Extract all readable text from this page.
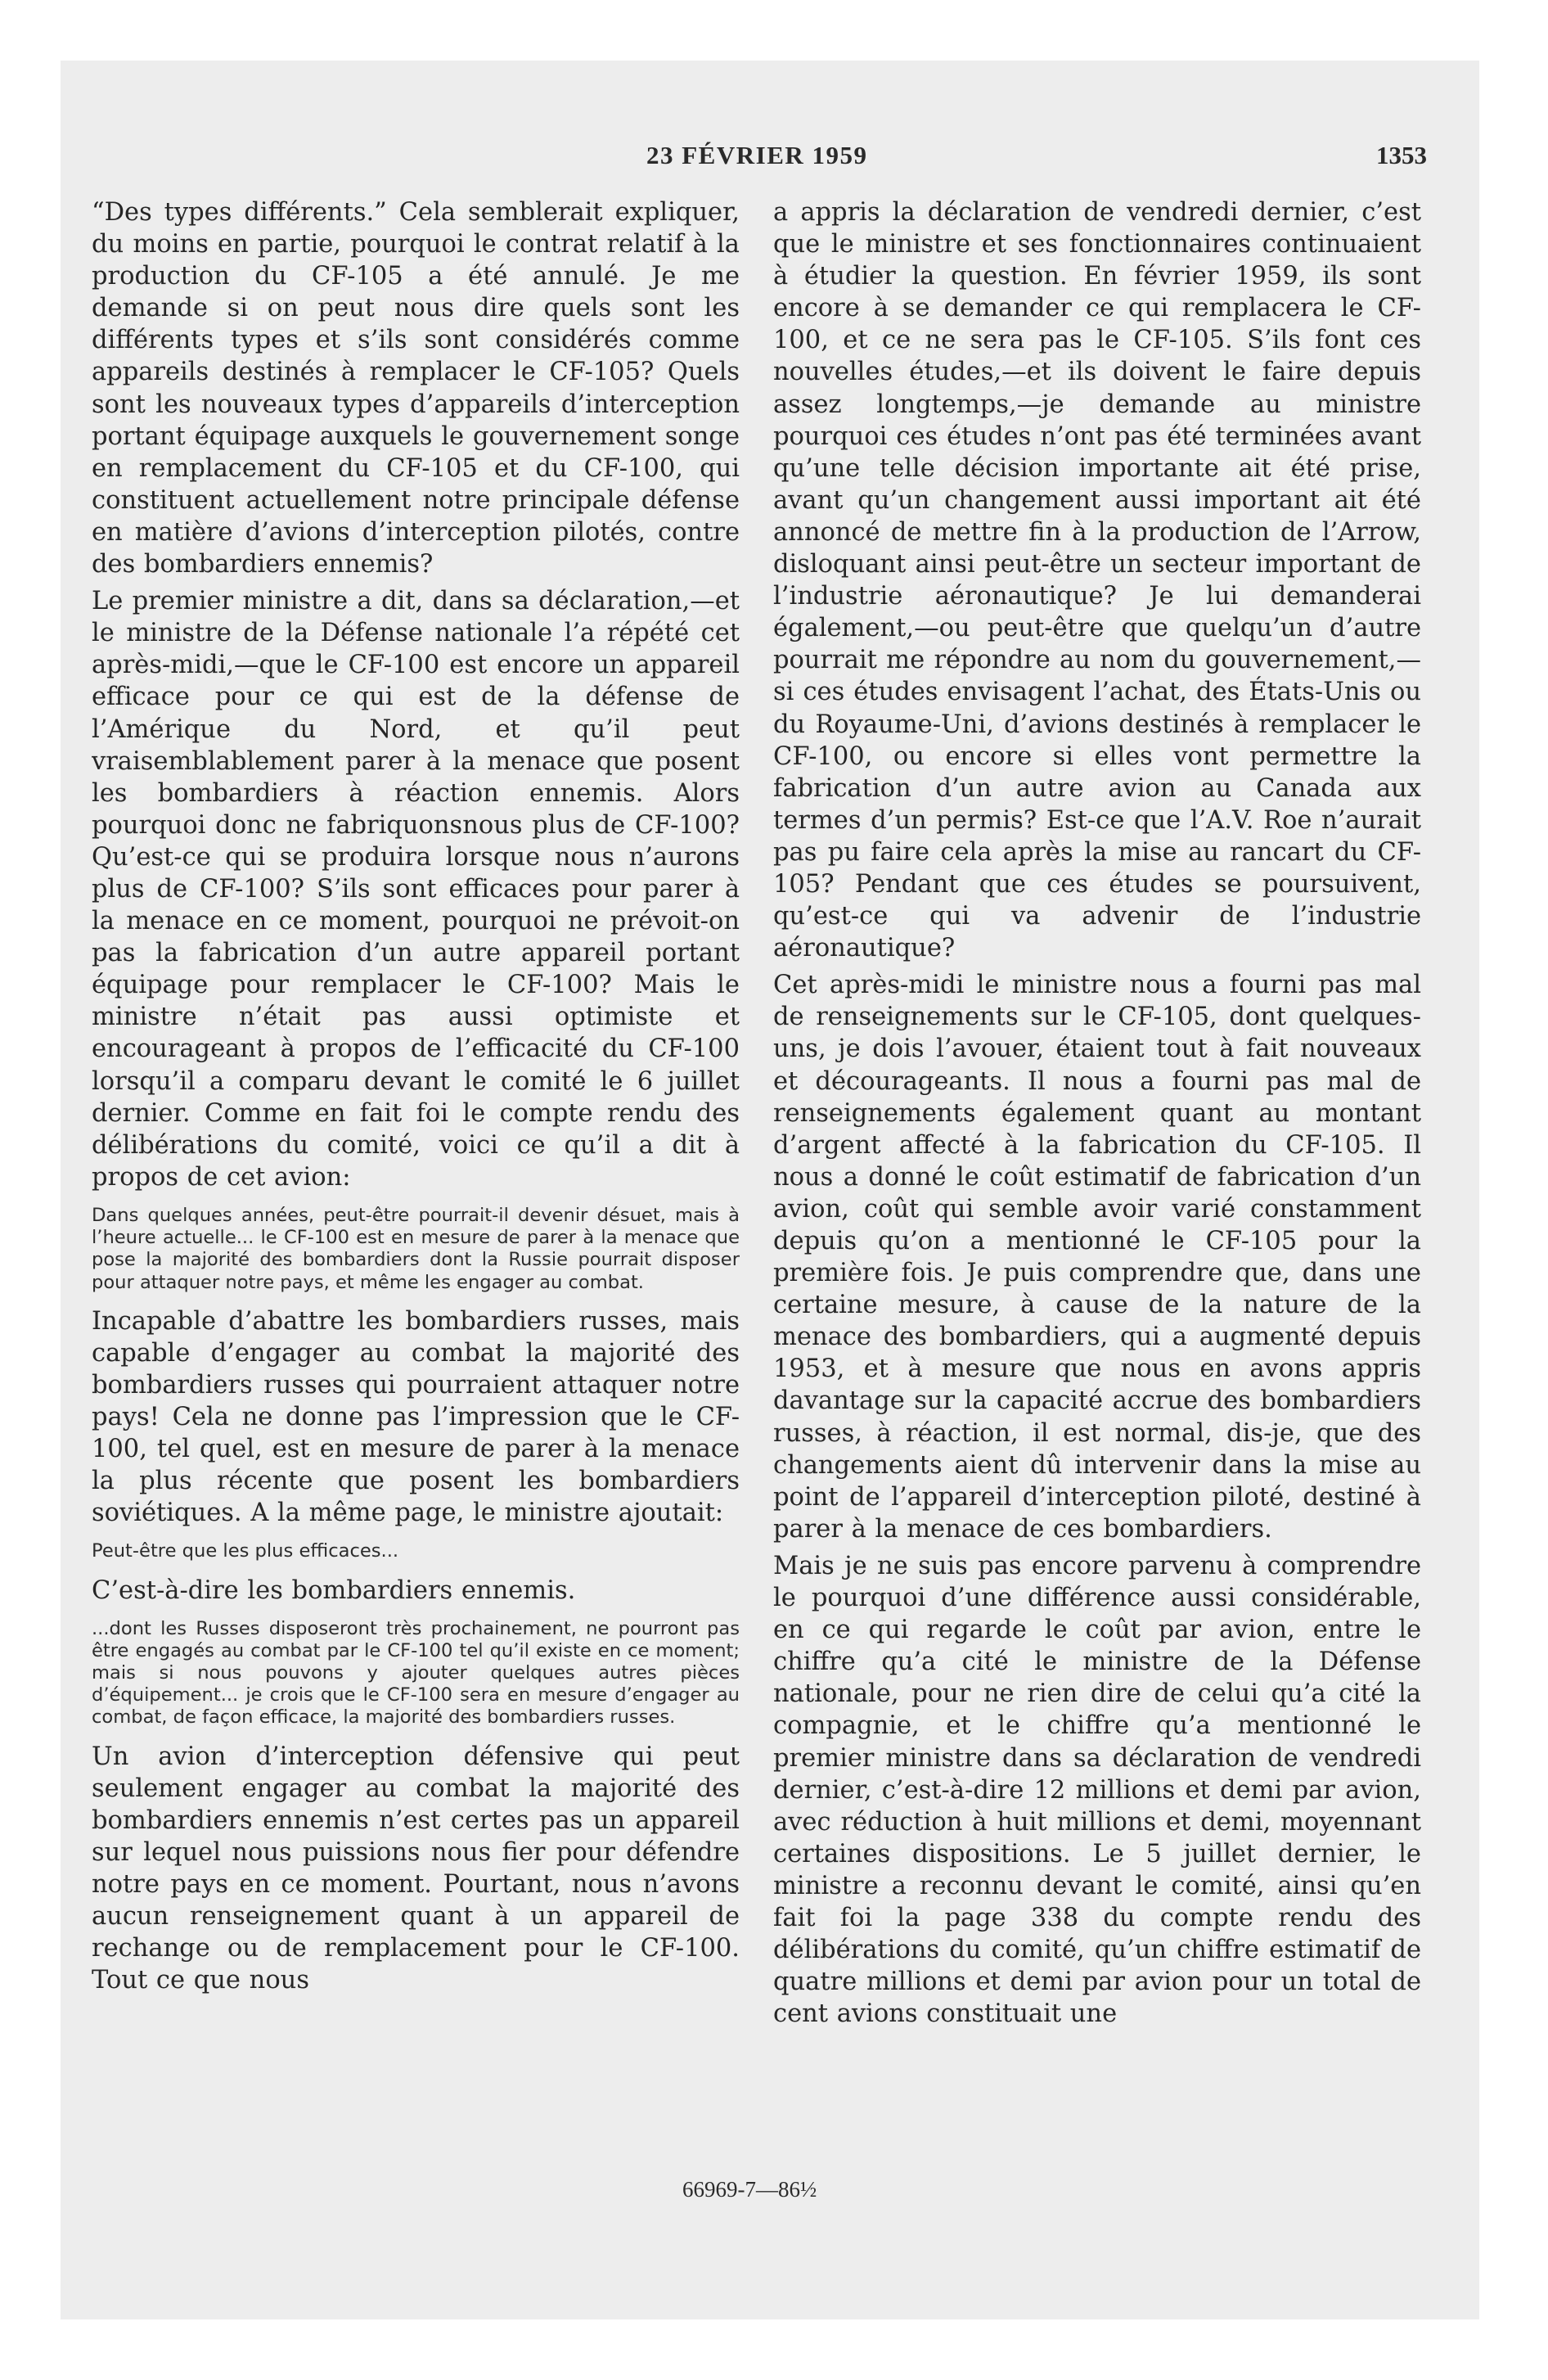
23 FÉVRIER 1959	1353

“Des types différents.” Cela semblerait expliquer, du moins en partie, pourquoi le contrat relatif à la production du CF-105 a été annulé. Je me demande si on peut nous dire quels sont les différents types et s’ils sont considérés comme appareils destinés à remplacer le CF-105? Quels sont les nouveaux types d’appareils d’interception portant équipage auxquels le gouvernement songe en remplacement du CF-105 et du CF-100, qui constituent actuellement notre principale défense en matière d’avions d’interception pilotés, contre des bombardiers ennemis?

Le premier ministre a dit, dans sa déclaration,—et le ministre de la Défense nationale l’a répété cet après-midi,—que le CF-100 est encore un appareil efficace pour ce qui est de la défense de l’Amérique du Nord, et qu’il peut vraisemblablement parer à la menace que posent les bombardiers à réaction ennemis. Alors pourquoi donc ne fabriquonsnous plus de CF-100? Qu’est-ce qui se produira lorsque nous n’aurons plus de CF-100? S’ils sont efficaces pour parer à la menace en ce moment, pourquoi ne prévoit-on pas la fabrication d’un autre appareil portant équipage pour remplacer le CF-100? Mais le ministre n’était pas aussi optimiste et encourageant à propos de l’efficacité du CF-100 lorsqu’il a comparu devant le comité le 6 juillet dernier. Comme en fait foi le compte rendu des délibérations du comité, voici ce qu’il a dit à propos de cet avion:

Dans quelques années, peut-être pourrait-il devenir désuet, mais à l’heure actuelle... le CF-100 est en mesure de parer à la menace que pose la majorité des bombardiers dont la Russie pourrait disposer pour attaquer notre pays, et même les engager au combat.

Incapable d’abattre les bombardiers russes, mais capable d’engager au combat la majorité des bombardiers russes qui pourraient attaquer notre pays! Cela ne donne pas l’impression que le CF-100, tel quel, est en mesure de parer à la menace la plus récente que posent les bombardiers soviétiques. A la même page, le ministre ajoutait:

Peut-être que les plus efficaces...

C’est-à-dire les bombardiers ennemis.

...dont les Russes disposeront très prochainement, ne pourront pas être engagés au combat par le CF-100 tel qu’il existe en ce moment; mais si nous pouvons y ajouter quelques autres pièces d’équipement... je crois que le CF-100 sera en mesure d’engager au combat, de façon efficace, la majorité des bombardiers russes.

Un avion d’interception défensive qui peut seulement engager au combat la majorité des bombardiers ennemis n’est certes pas un appareil sur lequel nous puissions nous fier pour défendre notre pays en ce moment. Pourtant, nous n’avons aucun renseignement quant à un appareil de rechange ou de remplacement pour le CF-100. Tout ce que nous

a appris la déclaration de vendredi dernier, c’est que le ministre et ses fonctionnaires continuaient à étudier la question. En février 1959, ils sont encore à se demander ce qui remplacera le CF-100, et ce ne sera pas le CF-105. S’ils font ces nouvelles études,—et ils doivent le faire depuis assez longtemps,—je demande au ministre pourquoi ces études n’ont pas été terminées avant qu’une telle décision importante ait été prise, avant qu’un changement aussi important ait été annoncé de mettre fin à la production de l’Arrow, disloquant ainsi peut-être un secteur important de l’industrie aéronautique? Je lui demanderai également,—ou peut-être que quelqu’un d’autre pourrait me répondre au nom du gouvernement,—si ces études envisagent l’achat, des États-Unis ou du Royaume-Uni, d’avions destinés à remplacer le CF-100, ou encore si elles vont permettre la fabrication d’un autre avion au Canada aux termes d’un permis? Est-ce que l’A.V. Roe n’aurait pas pu faire cela après la mise au rancart du CF-105? Pendant que ces études se poursuivent, qu’est-ce qui va advenir de l’industrie aéronautique?

Cet après-midi le ministre nous a fourni pas mal de renseignements sur le CF-105, dont quelques-uns, je dois l’avouer, étaient tout à fait nouveaux et décourageants. Il nous a fourni pas mal de renseignements également quant au montant d’argent affecté à la fabrication du CF-105. Il nous a donné le coût estimatif de fabrication d’un avion, coût qui semble avoir varié constamment depuis qu’on a mentionné le CF-105 pour la première fois. Je puis comprendre que, dans une certaine mesure, à cause de la nature de la menace des bombardiers, qui a augmenté depuis 1953, et à mesure que nous en avons appris davantage sur la capacité accrue des bombardiers russes, à réaction, il est normal, dis-je, que des changements aient dû intervenir dans la mise au point de l’appareil d’interception piloté, destiné à parer à la menace de ces bombardiers.

Mais je ne suis pas encore parvenu à comprendre le pourquoi d’une différence aussi considérable, en ce qui regarde le coût par avion, entre le chiffre qu’a cité le ministre de la Défense nationale, pour ne rien dire de celui qu’a cité la compagnie, et le chiffre qu’a mentionné le premier ministre dans sa déclaration de vendredi dernier, c’est-à-dire 12 millions et demi par avion, avec réduction à huit millions et demi, moyennant certaines dispositions. Le 5 juillet dernier, le ministre a reconnu devant le comité, ainsi qu’en fait foi la page 338 du compte rendu des délibérations du comité, qu’un chiffre estimatif de quatre millions et demi par avion pour un total de cent avions constituait une

66969-7—86½
